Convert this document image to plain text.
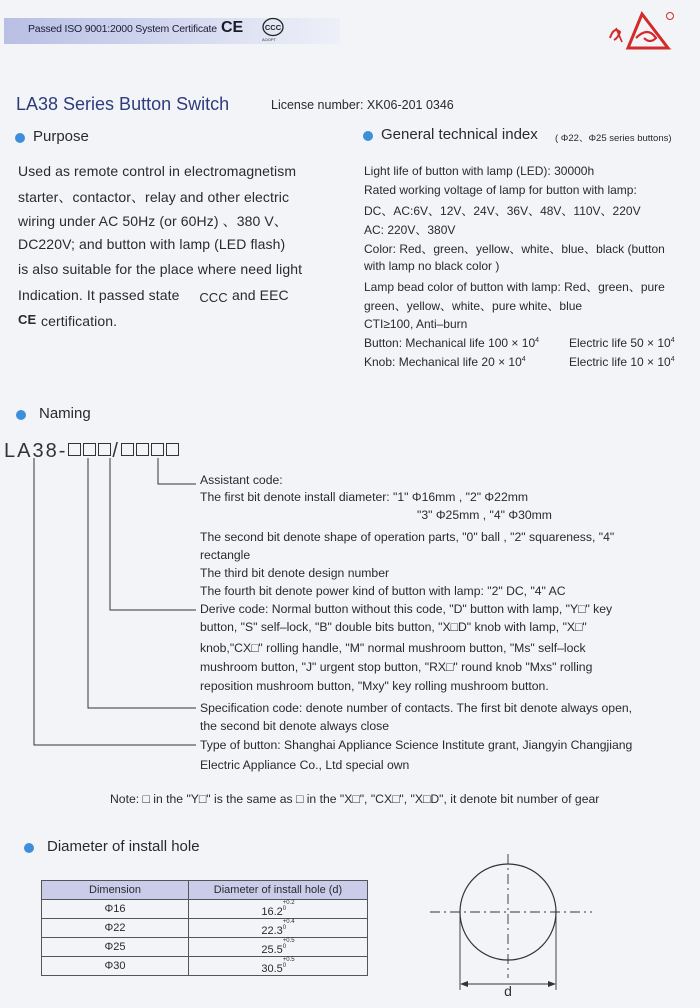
Passed ISO 9001:2000 System Certificate CE	CCC
AOOPT
· ·
LA38 Series Button Switch	License number: XK06-201 0346
Purpose
Used as remote control in electromagnetism
starter、contactor、relay and other electric
wiring under AC 50Hz (or 60Hz) 、380 V、
DC220V; and button with lamp (LED flash)
is also suitable for the place where need light
Indication. It passed state CCC and EEC
CE certification.
General technical index ( Φ22、Φ25 series buttons)
Light life of button with lamp (LED): 30000h
Rated working voltage of lamp for button with lamp:
DC、AC:6V、12V、24V、36V、48V、110V、220V
AC: 220V、380V
Color: Red、green、yellow、white、blue、black (button
with lamp no black color )
Lamp bead color of button with lamp: Red、green、pure
green、yellow、white、pure white、blue
CTI≥100, Anti–burn
Button: Mechanical life $100 \times 10^4$ Electric life $50 \times 10^4$
Knob: Mechanical life $20 \times 10^4$	Electric life $10 \times 10^4$
Naming
LA38- /
Assistant code:
The first bit denote install diameter: "1" Φ16mm , "2" Φ22mm
"3" Φ25mm , "4" Φ30mm
The second bit denote shape of operation parts, "0" ball , "2" squareness, "4"
rectangle
The third bit denote design number
The fourth bit denote power kind of button with lamp: "2" DC, "4" AC
Derive code: Normal button without this code, "D" button with lamp, "Y□" key
button, "S" self–lock, "B" double bits button, "X□D" knob with lamp, "X□"
knob,"CX□" rolling handle, "M" normal mushroom button, "Ms" self–lock
mushroom button, "J" urgent stop button, "RX□" round knob "Mxs" rolling
reposition mushroom button, "Mxy" key rolling mushroom button.
Specification code: denote number of contacts. The first bit denote always open,
the second bit denote always close
Type of button: Shanghai Appliance Science Institute grant, Jiangyin Changjiang
Electric Appliance Co., Ltd special own
Note: □ in the "Y□" is the same as □ in the "X□", "CX□", "X□D", it denote bit number of gear
Diameter of install hole
Dimension	Diameter of install hole (d)
Φ16	$16.2^{+0.2 0}$
Φ22	$22.3^{+0.4 0}$
Φ25	$25.5^{+0.5 0}$
Φ30	$30.5^{+0.5 0}$
d
